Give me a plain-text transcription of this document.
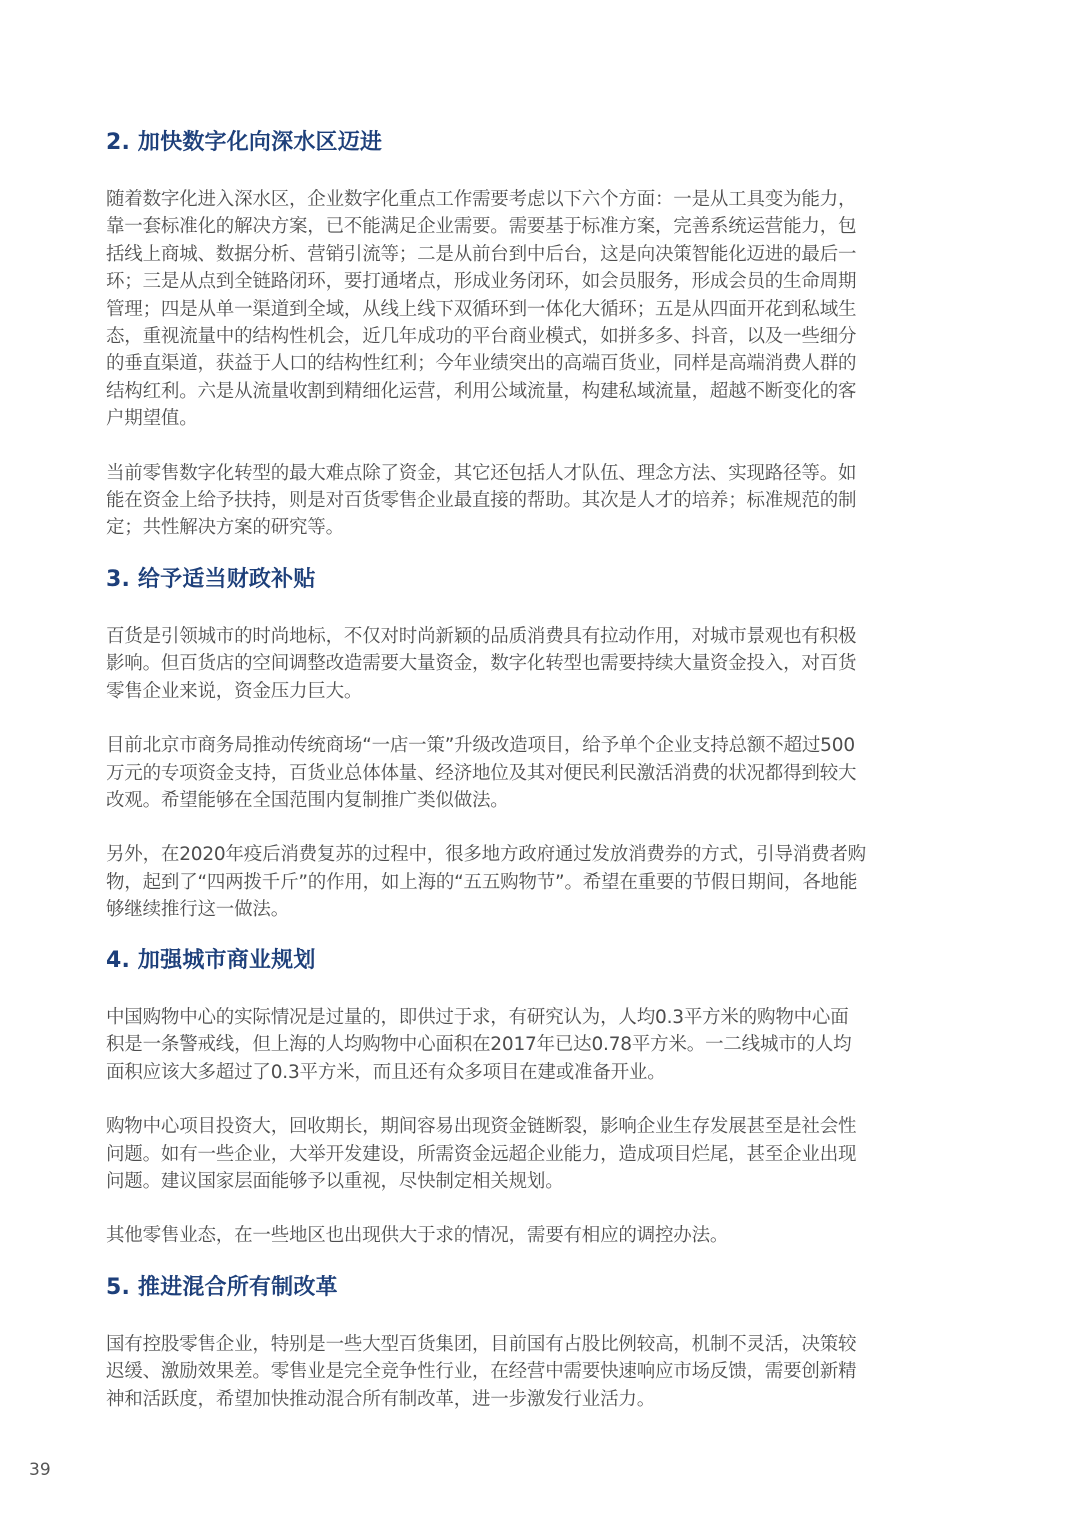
2. 加快数字化向深水区迈进

随着数字化进入深水区，企业数字化重点工作需要考虑以下六个方面：一是从工具变为能力，靠一套标准化的解决方案，已不能满足企业需要。需要基于标准方案，完善系统运营能力，包括线上商城、数据分析、营销引流等；二是从前台到中后台，这是向决策智能化迈进的最后一环；三是从点到全链路闭环，要打通堵点，形成业务闭环，如会员服务，形成会员的生命周期管理；四是从单一渠道到全域，从线上线下双循环到一体化大循环；五是从四面开花到私域生态，重视流量中的结构性机会，近几年成功的平台商业模式，如拼多多、抖音，以及一些细分的垂直渠道，获益于人口的结构性红利；今年业绩突出的高端百货业，同样是高端消费人群的结构红利。六是从流量收割到精细化运营，利用公域流量，构建私域流量，超越不断变化的客户期望值。

当前零售数字化转型的最大难点除了资金，其它还包括人才队伍、理念方法、实现路径等。如能在资金上给予扶持，则是对百货零售企业最直接的帮助。其次是人才的培养；标准规范的制定；共性解决方案的研究等。

3. 给予适当财政补贴

百货是引领城市的时尚地标，不仅对时尚新颖的品质消费具有拉动作用，对城市景观也有积极影响。但百货店的空间调整改造需要大量资金，数字化转型也需要持续大量资金投入，对百货零售企业来说，资金压力巨大。

目前北京市商务局推动传统商场“一店一策”升级改造项目，给予单个企业支持总额不超过500万元的专项资金支持，百货业总体体量、经济地位及其对便民利民激活消费的状况都得到较大改观。希望能够在全国范围内复制推广类似做法。

另外，在2020年疫后消费复苏的过程中，很多地方政府通过发放消费券的方式，引导消费者购物，起到了“四两拨千斤”的作用，如上海的“五五购物节”。希望在重要的节假日期间，各地能够继续推行这一做法。

4. 加强城市商业规划

中国购物中心的实际情况是过量的，即供过于求，有研究认为，人均0.3平方米的购物中心面积是一条警戒线，但上海的人均购物中心面积在2017年已达0.78平方米。一二线城市的人均面积应该大多超过了0.3平方米，而且还有众多项目在建或准备开业。

购物中心项目投资大，回收期长，期间容易出现资金链断裂，影响企业生存发展甚至是社会性问题。如有一些企业，大举开发建设，所需资金远超企业能力，造成项目烂尾，甚至企业出现问题。建议国家层面能够予以重视，尽快制定相关规划。

其他零售业态，在一些地区也出现供大于求的情况，需要有相应的调控办法。

5. 推进混合所有制改革

国有控股零售企业，特别是一些大型百货集团，目前国有占股比例较高，机制不灵活，决策较迟缓、激励效果差。零售业是完全竞争性行业，在经营中需要快速响应市场反馈，需要创新精神和活跃度，希望加快推动混合所有制改革，进一步激发行业活力。

39
